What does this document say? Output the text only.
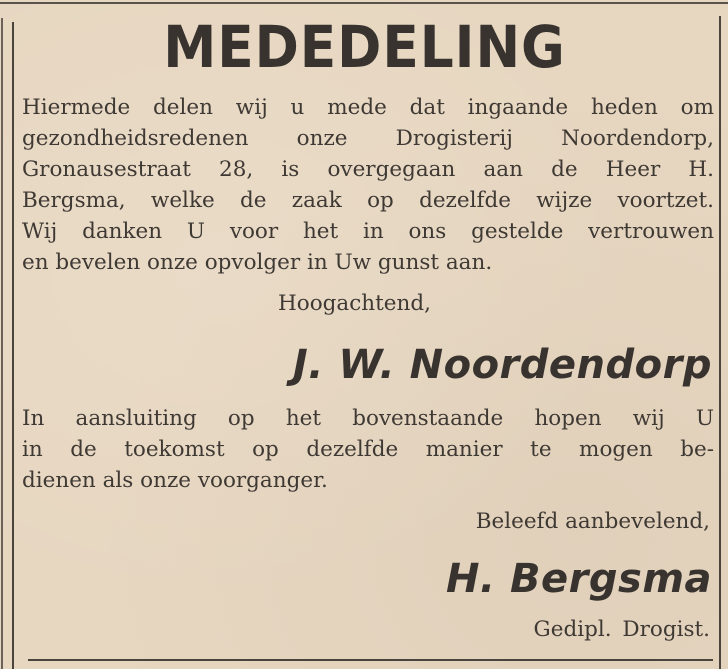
MEDEDELING
Hiermede delen wij u mede dat ingaande heden om
gezondheidsredenen onze Drogisterij Noordendorp,
Gronausestraat 28, is overgegaan aan de Heer H.
Bergsma, welke de zaak op dezelfde wijze voortzet.
Wij danken U voor het in ons gestelde vertrouwen
en bevelen onze opvolger in Uw gunst aan.
Hoogachtend,
J. W. Noordendorp
In aansluiting op het bovenstaande hopen wij U
in de toekomst op dezelfde manier te mogen be-
dienen als onze voorganger.
Beleefd aanbevelend,
H. Bergsma
Gedipl. Drogist.
